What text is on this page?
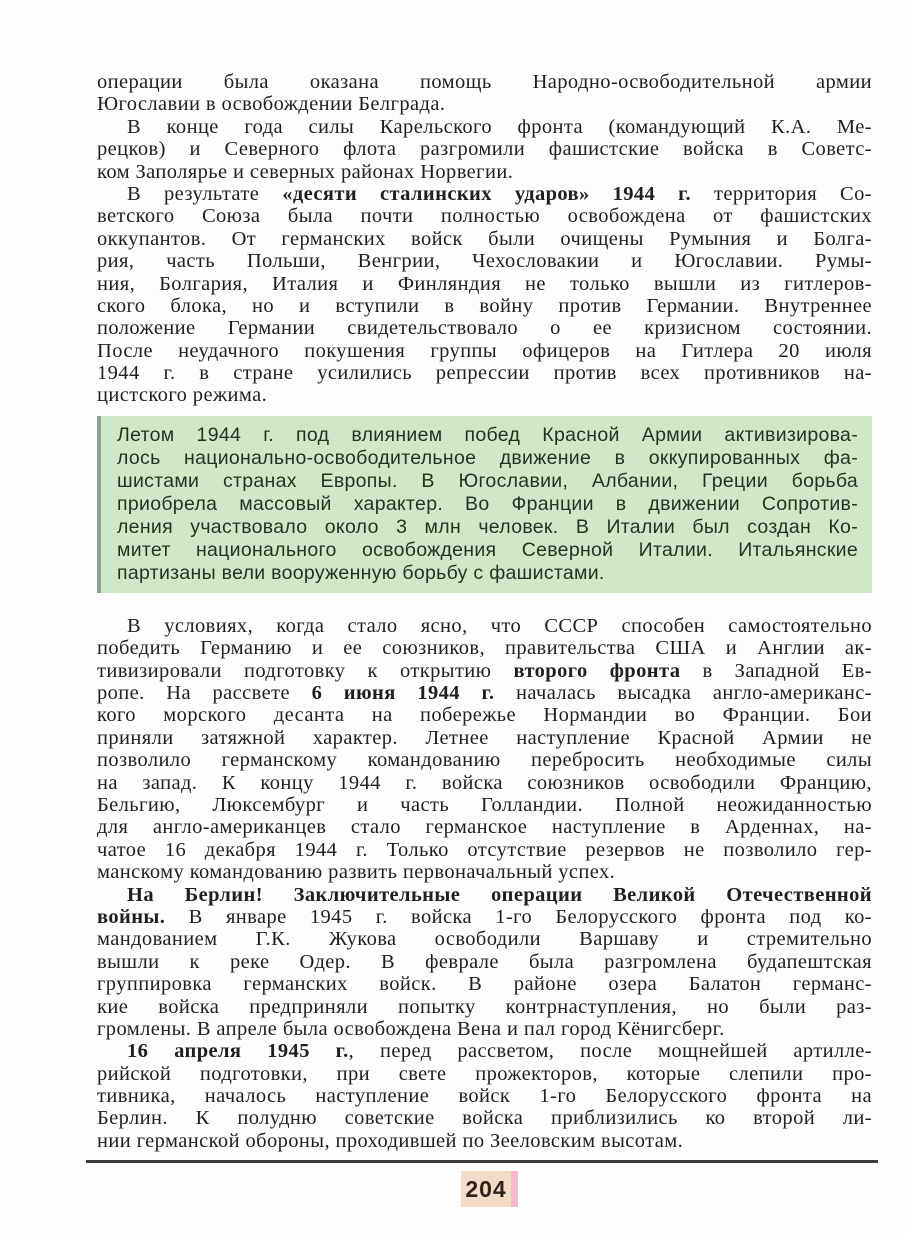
операции была оказана помощь Народно-освободительной армии
Югославии в освобождении Белграда.
В конце года силы Карельского фронта (командующий К.А. Ме-
рецков) и Северного флота разгромили фашистские войска в Советс-
ком Заполярье и северных районах Норвегии.
В результате «десяти сталинских ударов» 1944 г. территория Со-
ветского Союза была почти полностью освобождена от фашистских
оккупантов. От германских войск были очищены Румыния и Болга-
рия, часть Польши, Венгрии, Чехословакии и Югославии. Румы-
ния, Болгария, Италия и Финляндия не только вышли из гитлеров-
ского блока, но и вступили в войну против Германии. Внутреннее
положение Германии свидетельствовало о ее кризисном состоянии.
После неудачного покушения группы офицеров на Гитлера 20 июля
1944 г. в стране усилились репрессии против всех противников на-
цистского режима.
Летом 1944 г. под влиянием побед Красной Армии активизирова-
лось национально-освободительное движение в оккупированных фа-
шистами странах Европы. В Югославии, Албании, Греции борьба
приобрела массовый характер. Во Франции в движении Сопротив-
ления участвовало около 3 млн человек. В Италии был создан Ко-
митет национального освобождения Северной Италии. Итальянские
партизаны вели вооруженную борьбу с фашистами.
В условиях, когда стало ясно, что СССР способен самостоятельно
победить Германию и ее союзников, правительства США и Англии ак-
тивизировали подготовку к открытию второго фронта в Западной Ев-
ропе. На рассвете 6 июня 1944 г. началась высадка англо-американс-
кого морского десанта на побережье Нормандии во Франции. Бои
приняли затяжной характер. Летнее наступление Красной Армии не
позволило германскому командованию перебросить необходимые силы
на запад. К концу 1944 г. войска союзников освободили Францию,
Бельгию, Люксембург и часть Голландии. Полной неожиданностью
для англо-американцев стало германское наступление в Арденнах, на-
чатое 16 декабря 1944 г. Только отсутствие резервов не позволило гер-
манскому командованию развить первоначальный успех.
На Берлин! Заключительные операции Великой Отечественной
войны. В январе 1945 г. войска 1-го Белорусского фронта под ко-
мандованием Г.К. Жукова освободили Варшаву и стремительно
вышли к реке Одер. В феврале была разгромлена будапештская
группировка германских войск. В районе озера Балатон германс-
кие войска предприняли попытку контрнаступления, но были раз-
громлены. В апреле была освобождена Вена и пал город Кёнигсберг.
16 апреля 1945 г., перед рассветом, после мощнейшей артилле-
рийской подготовки, при свете прожекторов, которые слепили про-
тивника, началось наступление войск 1-го Белорусского фронта на
Берлин. К полудню советские войска приблизились ко второй ли-
нии германской обороны, проходившей по Зееловским высотам.
204
